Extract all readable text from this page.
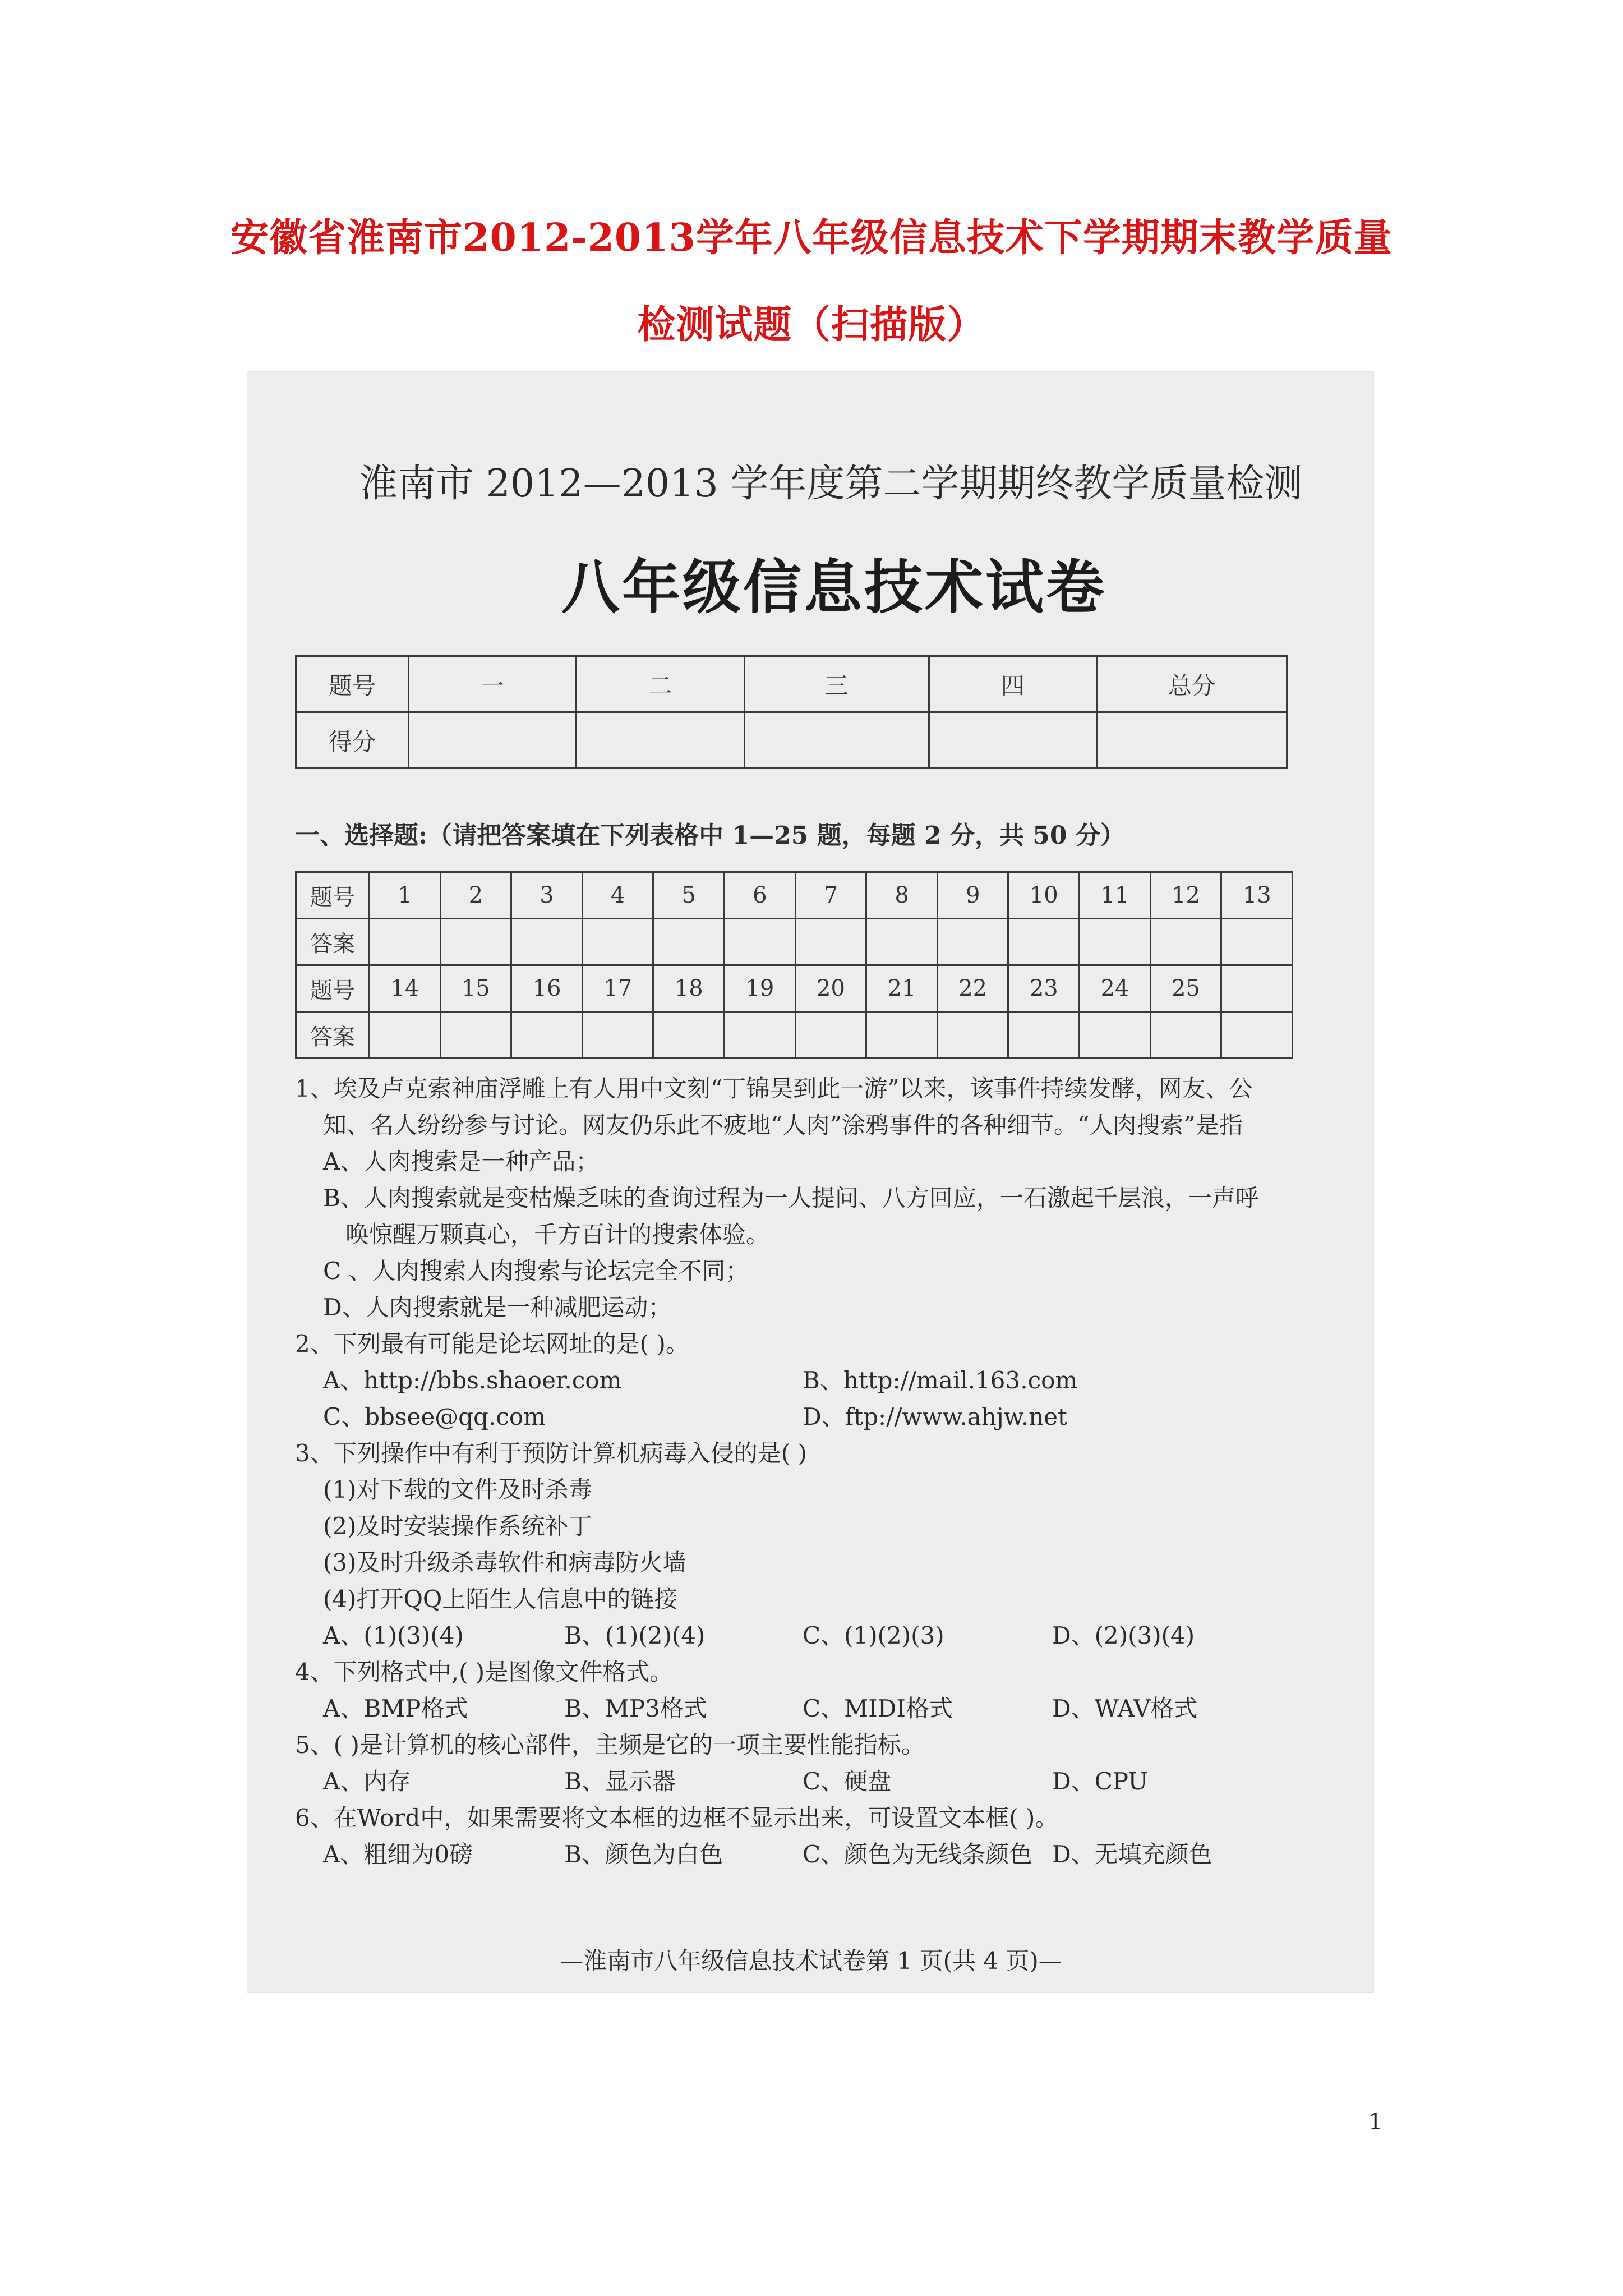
安徽省淮南市2012-2013学年八年级信息技术下学期期末教学质量
检测试题（扫描版）
淮南市 2012—2013 学年度第二学期期终教学质量检测
八年级信息技术试卷
题号	一	二	三	四	总分
得分					
一、选择题:（请把答案填在下列表格中 1—25 题，每题 2 分，共 50 分）
题号	1	2	3	4	5	6	7	8	9	10	11	12	13
答案													
题号	14	15	16	17	18	19	20	21	22	23	24	25	
答案													
1、埃及卢克索神庙浮雕上有人用中文刻“丁锦昊到此一游”以来，该事件持续发酵，网友、公
知、名人纷纷参与讨论。网友仍乐此不疲地“人肉”涂鸦事件的各种细节。“人肉搜索”是指
A、人肉搜索是一种产品；
B、人肉搜索就是变枯燥乏味的查询过程为一人提问、八方回应，一石激起千层浪，一声呼
唤惊醒万颗真心，千方百计的搜索体验。
C 、人肉搜索人肉搜索与论坛完全不同；
D、人肉搜索就是一种减肥运动；
2、下列最有可能是论坛网址的是( )。
A、http://bbs.shaoer.com	B、http://mail.163.com
C、bbsee@qq.com	D、ftp://www.ahjw.net
3、下列操作中有利于预防计算机病毒入侵的是( )
(1)对下载的文件及时杀毒
(2)及时安装操作系统补丁
(3)及时升级杀毒软件和病毒防火墙
(4)打开QQ上陌生人信息中的链接
A、(1)(3)(4)	B、(1)(2)(4)	C、(1)(2)(3)	D、(2)(3)(4)
4、下列格式中,( )是图像文件格式。
A、BMP格式	B、MP3格式	C、MIDI格式	D、WAV格式
5、( )是计算机的核心部件，主频是它的一项主要性能指标。
A、内存	B、显示器	C、硬盘	D、CPU
6、在Word中，如果需要将文本框的边框不显示出来，可设置文本框( )。
A、粗细为0磅	B、颜色为白色	C、颜色为无线条颜色 D、无填充颜色
—淮南市八年级信息技术试卷第 1 页(共 4 页)—
1
